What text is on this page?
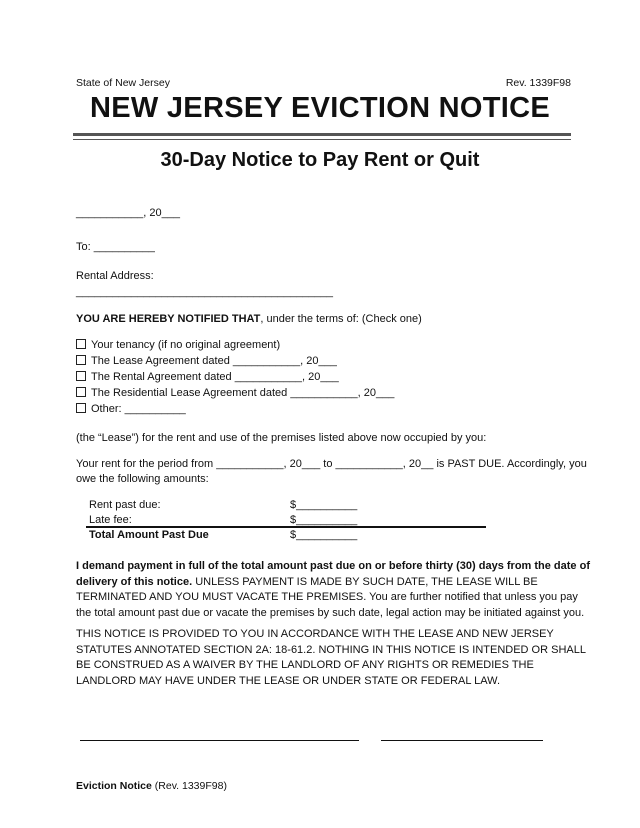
State of New Jersey	Rev. 1339F98
NEW JERSEY EVICTION NOTICE
30-Day Notice to Pay Rent or Quit
___________, 20___
To: __________
Rental Address:
__________________________________________
YOU ARE HEREBY NOTIFIED THAT, under the terms of: (Check one)
Your tenancy (if no original agreement)
The Lease Agreement dated ___________, 20___
The Rental Agreement dated ___________, 20___
The Residential Lease Agreement dated ___________, 20___
Other: __________
(the “Lease”) for the rent and use of the premises listed above now occupied by you:
Your rent for the period from ___________, 20___ to ___________, 20__ is PAST DUE. Accordingly, you
owe the following amounts:
Rent past due:	$__________
Late fee:	$__________
Total Amount Past Due	$__________
I demand payment in full of the total amount past due on or before thirty (30) days from the date of
delivery of this notice. UNLESS PAYMENT IS MADE BY SUCH DATE, THE LEASE WILL BE
TERMINATED AND YOU MUST VACATE THE PREMISES. You are further notified that unless you pay
the total amount past due or vacate the premises by such date, legal action may be initiated against you.
THIS NOTICE IS PROVIDED TO YOU IN ACCORDANCE WITH THE LEASE AND NEW JERSEY
STATUTES ANNOTATED SECTION 2A: 18-61.2. NOTHING IN THIS NOTICE IS INTENDED OR SHALL
BE CONSTRUED AS A WAIVER BY THE LANDLORD OF ANY RIGHTS OR REMEDIES THE
LANDLORD MAY HAVE UNDER THE LEASE OR UNDER STATE OR FEDERAL LAW.
Eviction Notice (Rev. 1339F98)
